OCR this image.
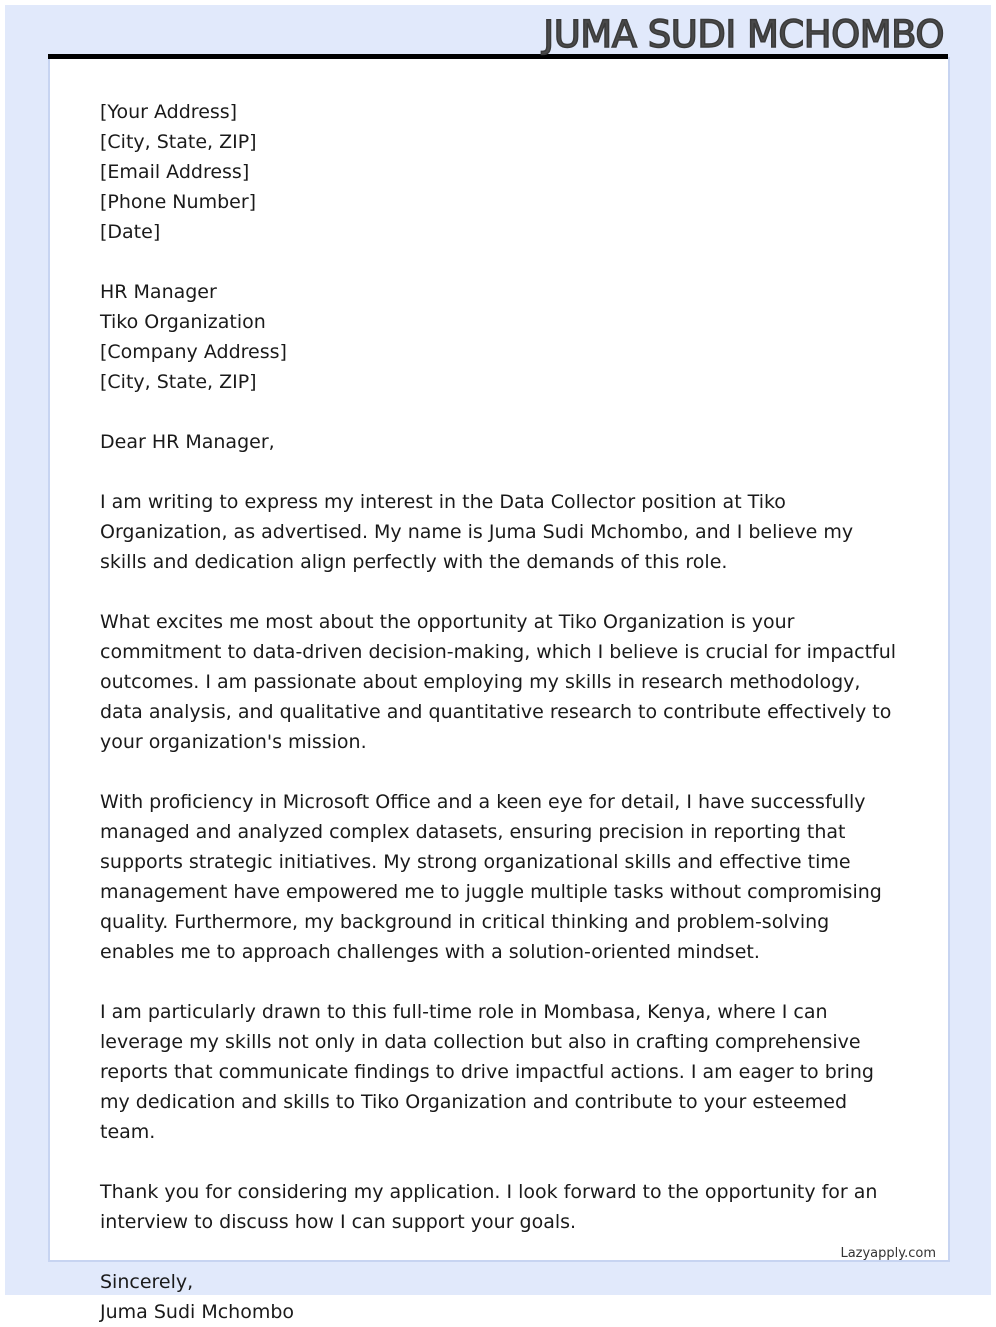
JUMA SUDI MCHOMBO
[Your Address]
[City, State, ZIP]
[Email Address]
[Phone Number]
[Date]
HR Manager
Tiko Organization
[Company Address]
[City, State, ZIP]
Dear HR Manager,
I am writing to express my interest in the Data Collector position at Tiko Organization, as advertised. My name is Juma Sudi Mchombo, and I believe my skills and dedication align perfectly with the demands of this role.
What excites me most about the opportunity at Tiko Organization is your commitment to data-driven decision-making, which I believe is crucial for impactful outcomes. I am passionate about employing my skills in research methodology, data analysis, and qualitative and quantitative research to contribute effectively to your organization's mission.
With proficiency in Microsoft Office and a keen eye for detail, I have successfully managed and analyzed complex datasets, ensuring precision in reporting that supports strategic initiatives. My strong organizational skills and effective time management have empowered me to juggle multiple tasks without compromising quality. Furthermore, my background in critical thinking and problem-solving enables me to approach challenges with a solution-oriented mindset.
I am particularly drawn to this full-time role in Mombasa, Kenya, where I can leverage my skills not only in data collection but also in crafting comprehensive reports that communicate findings to drive impactful actions. I am eager to bring my dedication and skills to Tiko Organization and contribute to your esteemed team.
Thank you for considering my application. I look forward to the opportunity for an interview to discuss how I can support your goals.
Sincerely,
Juma Sudi Mchombo
Lazyapply.com
